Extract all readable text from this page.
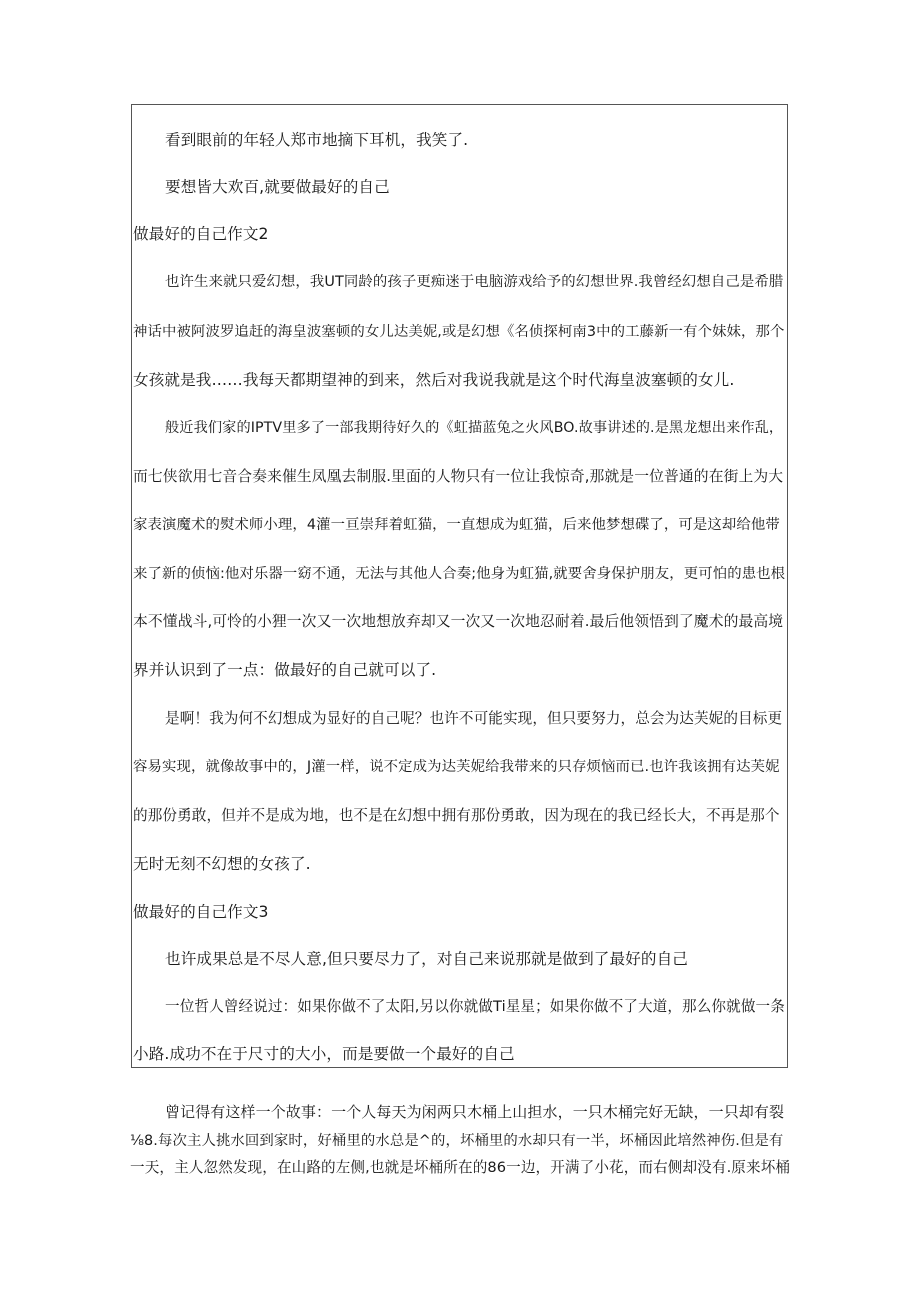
看到眼前的年轻人郑市地摘下耳机，我笑了.
要想皆大欢百,就要做最好的自己
做最好的自己作文2
也许生来就只爱幻想，我UT同龄的孩子更痴迷于电脑游戏给予的幻想世界.我曾经幻想自己是希腊
神话中被阿波罗追赶的海皇波塞顿的女儿达美妮,或是幻想《名侦探柯南3中的工藤新一有个妹妹，那个
女孩就是我……我每天都期望神的到来，然后对我说我就是这个时代海皇波塞顿的女儿.
般近我们家的IPTV里多了一部我期待好久的《虹描蓝兔之火风BO.故事讲述的.是黑龙想出来作乱，
而七侠欲用七音合奏来催生凤凰去制服.里面的人物只有一位让我惊奇,那就是一位普通的在街上为大
家表演魔术的熨术师小理，4灌一亘崇拜着虹猫，一直想成为虹猫，后来他梦想碟了，可是这却给他带
来了新的侦恼:他对乐器一窈不通，无法与其他人合奏;他身为虹猫,就要舍身保护朋友，更可怕的患也根
本不懂战斗,可怜的小狸一次又一次地想放弃却又一次又一次地忍耐着.最后他领悟到了魔术的最高境
界并认识到了一点：做最好的自己就可以了.
是啊！我为何不幻想成为显好的自己呢？也许不可能实现，但只要努力，总会为达芙妮的目标更
容易实现，就像故事中的，J灌一样，说不定成为达芙妮给我带来的只存烦恼而已.也许我该拥有达芙妮
的那份勇敢，但并不是成为地，也不是在幻想中拥有那份勇敢，因为现在的我已经长大，不再是那个
无时无刻不幻想的女孩了.
做最好的自己作文3
也许成果总是不尽人意,但只要尽力了，对自己来说那就是做到了最好的自己
一位哲人曾经说过：如果你做不了太阳,另以你就做Ti星星；如果你做不了大道，那么你就做一条
小路.成功不在于尺寸的大小，而是要做一个最好的自己
曾记得有这样一个故事：一个人每天为闲两只木桶上山担水，一只木桶完好无缺，一只却有裂
⅛8.每次主人挑水回到家时，好桶里的水总是^的，坏桶里的水却只有一半，坏桶因此培然神伤.但是有
一天，主人忽然发现，在山路的左侧,也就是坏桶所在的86一边，开满了小花，而右侧却没有.原来坏桶
